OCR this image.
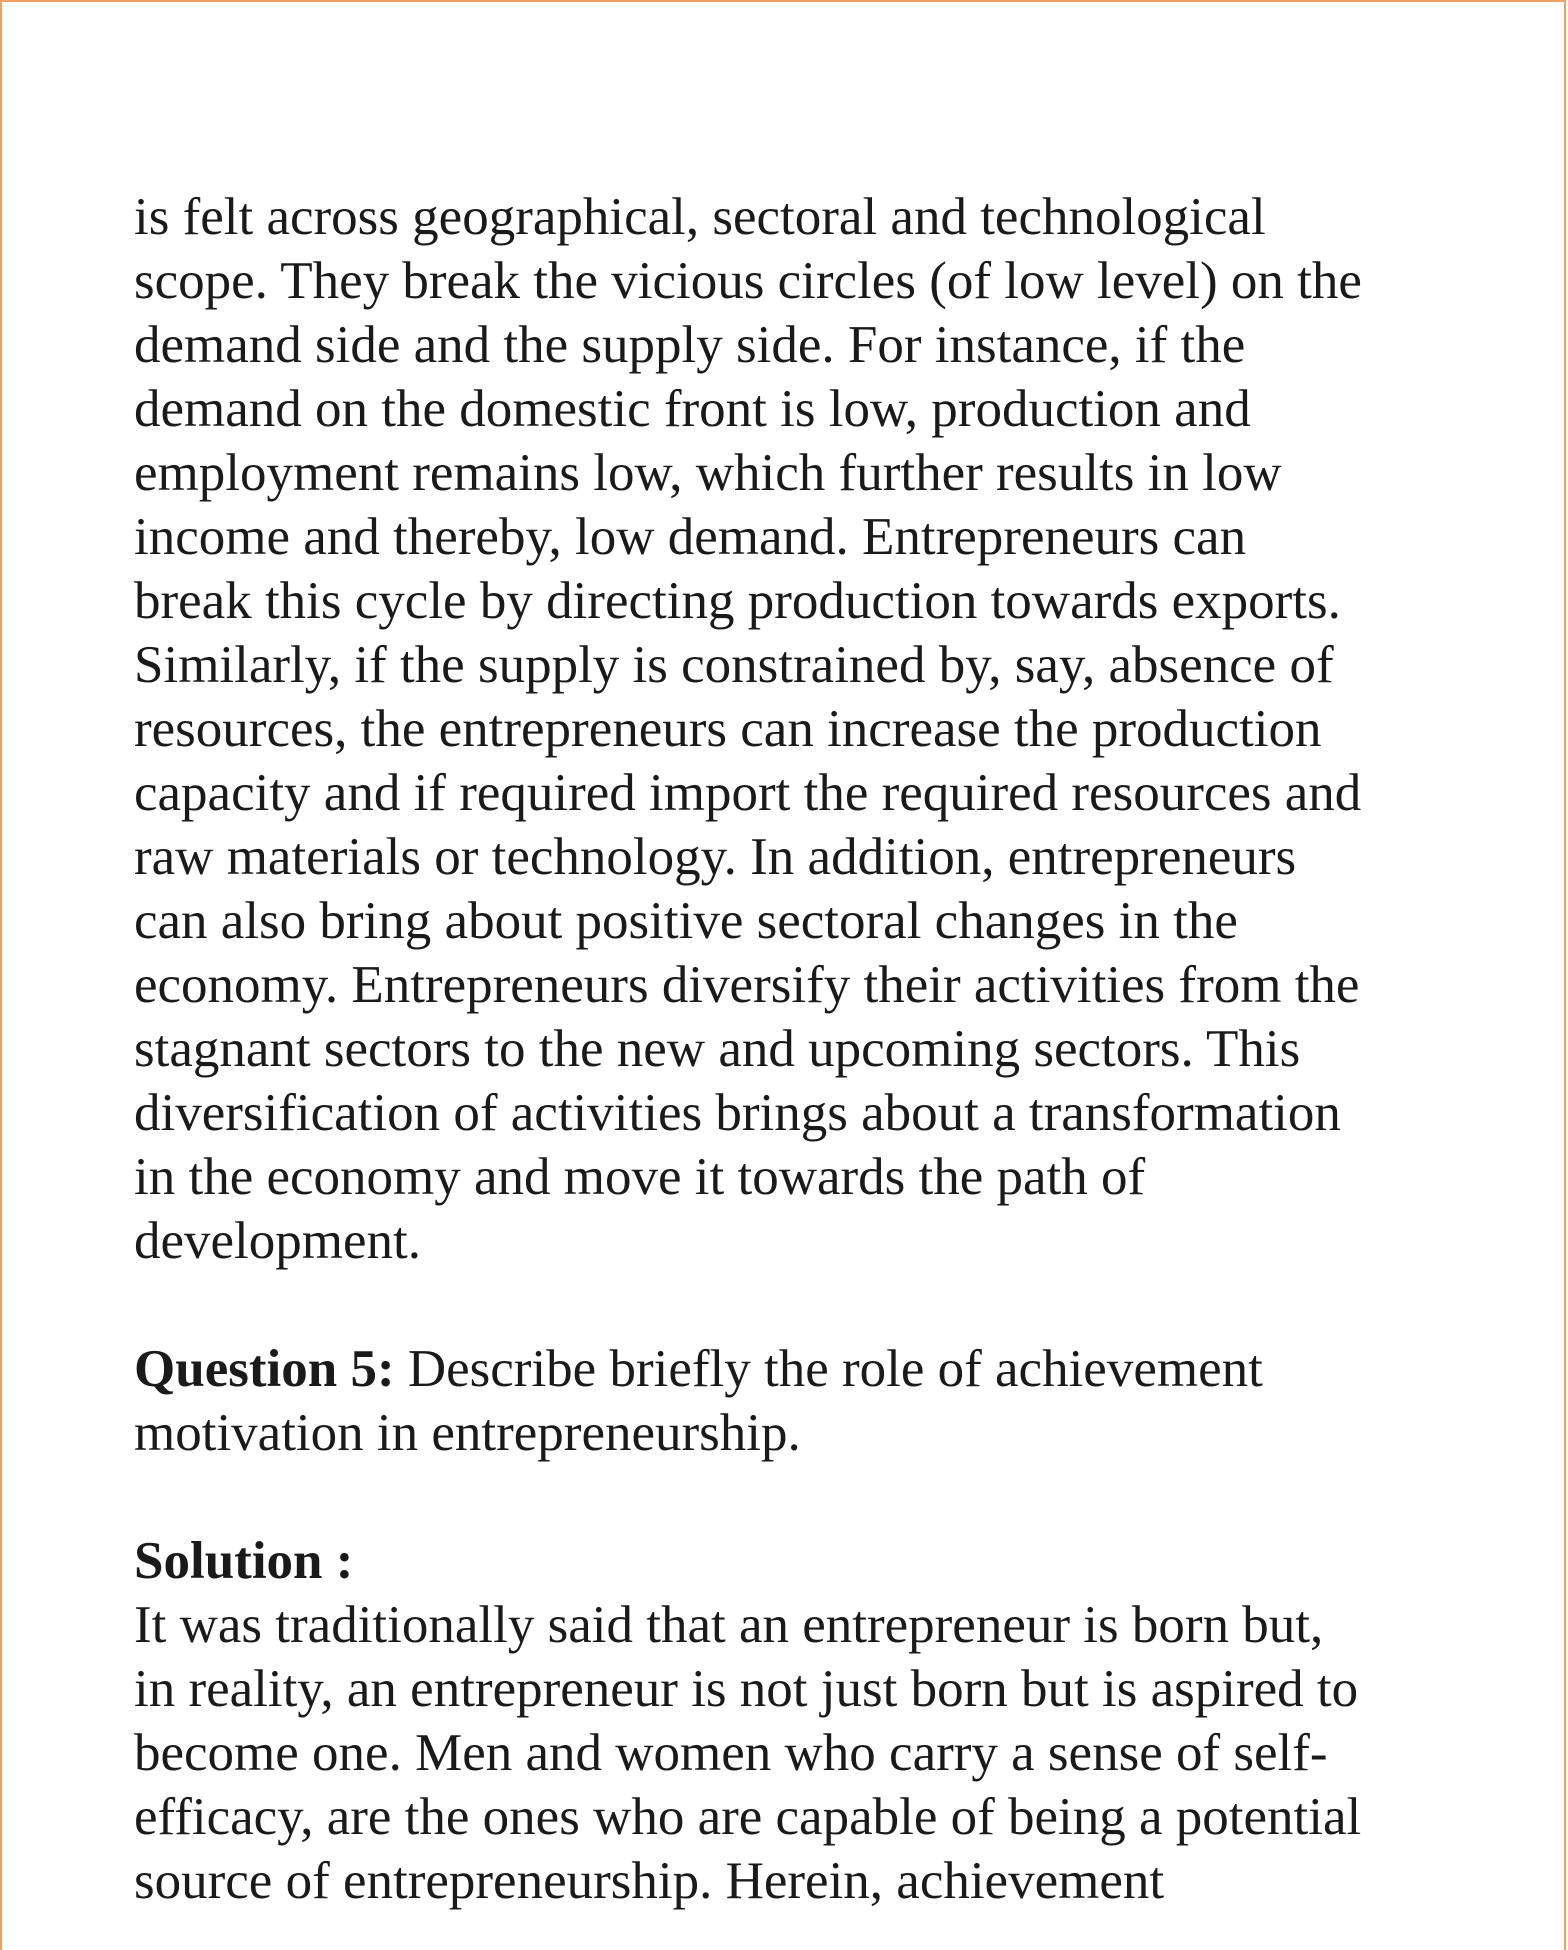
is felt across geographical, sectoral and technological
scope. They break the vicious circles (of low level) on the
demand side and the supply side. For instance, if the
demand on the domestic front is low, production and
employment remains low, which further results in low
income and thereby, low demand. Entrepreneurs can
break this cycle by directing production towards exports.
Similarly, if the supply is constrained by, say, absence of
resources, the entrepreneurs can increase the production
capacity and if required import the required resources and
raw materials or technology. In addition, entrepreneurs
can also bring about positive sectoral changes in the
economy. Entrepreneurs diversify their activities from the
stagnant sectors to the new and upcoming sectors. This
diversification of activities brings about a transformation
in the economy and move it towards the path of
development.
Question 5: Describe briefly the role of achievement
motivation in entrepreneurship.
Solution :
It was traditionally said that an entrepreneur is born but,
in reality, an entrepreneur is not just born but is aspired to
become one. Men and women who carry a sense of self-
efficacy, are the ones who are capable of being a potential
source of entrepreneurship. Herein, achievement
